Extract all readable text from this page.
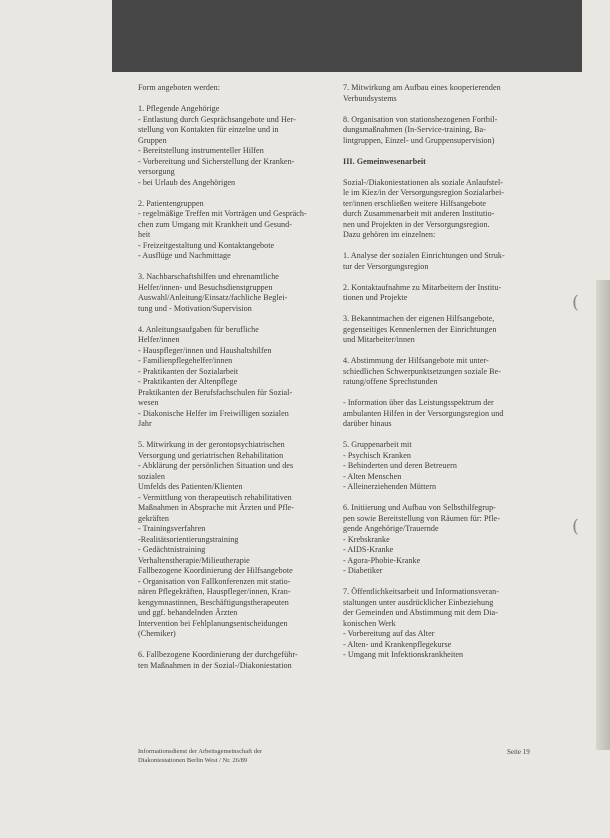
(
(

Form angeboten werden:

1. Pflegende Angehörige

- Entlastung durch Gesprächsangebote und Her-

stellung von Kontakten für einzelne und in

Gruppen

- Bereitstellung instrumenteller Hilfen

- Vorbereitung und Sicherstellung der Kranken-

versorgung

- bei Urlaub des Angehörigen

2. Patientengruppen

- regelmäßige Treffen mit Vorträgen und Gespräch-

chen zum Umgang mit Krankheit und Gesund-

heit

- Freizeitgestaltung und Kontaktangebote

- Ausflüge und Nachmittage

3. Nachbarschaftshilfen und ehrenamtliche

Helfer/innen- und Besuchsdienstgruppen

Auswahl/Anleitung/Einsatz/fachliche Beglei-

tung und - Motivation/Supervision

4. Anleitungsaufgaben für berufliche

Helfer/innen

- Hauspfleger/innen und Haushaltshilfen

- Familienpflegehelfer/innen

- Praktikanten der Sozialarbeit

- Praktikanten der Altenpflege

Praktikanten der Berufsfachschulen für Sozial-

wesen

- Diakonische Helfer im Freiwilligen sozialen

Jahr

5. Mitwirkung in der gerontopsychiatrischen

Versorgung und geriatrischen Rehabilitation

- Abklärung der persönlichen Situation und des

sozialen

Umfelds des Patienten/Klienten

- Vermittlung von therapeutisch rehabilitativen

Maßnahmen in Absprache mit Ärzten und Pfle-

gekräften

- Trainingsverfahren

-Realitätsorientierungstraining

- Gedächtnistraining

Verhaltenstherapie/Milieutherapie

Fallbezogene Koordinierung der Hilfsangebote

- Organisation von Fallkonferenzen mit statio-

nären Pflegekräften, Hauspfleger/innen, Kran-

kengymnastinnen, Beschäftigungstherapeuten

und ggf. behandelnden Ärzten

Intervention bei Fehlplanungsentscheidungen

(Chemiker)

6. Fallbezogene Koordinierung der durchgeführ-

ten Maßnahmen in der Sozial-/Diakoniestation

7. Mitwirkung am Aufbau eines kooperierenden

Verbundsystems

8. Organisation von stationsbezogenen Fortbil-

dungsmaßnahmen (In-Service-training, Ba-

lintgruppen, Einzel- und Gruppensupervision)

III. Gemeinwesenarbeit

Sozial-/Diakoniestationen als soziale Anlaufstel-

le im Kiez/in der Versorgungsregion Sozialarbei-

ter/innen erschließen weitere Hilfsangebote

durch Zusammenarbeit mit anderen Institutio-

nen und Projekten in der Versorgungsregion.

Dazu gehören im einzelnen:

1. Analyse der sozialen Einrichtungen und Struk-

tur der Versorgungsregion

2. Kontaktaufnahme zu Mitarbeitern der Institu-

tionen und Projekte

3. Bekanntmachen der eigenen Hilfsangebote,

gegenseitiges Kennenlernen der Einrichtungen

und Mitarbeiter/innen

4. Abstimmung der Hilfsangebote mit unter-

schiedlichen Schwerpunktsetzungen soziale Be-

ratung/offene Sprechstunden

- Information über das Leistungsspektrum der

ambulanten Hilfen in der Versorgungsregion und

darüber hinaus

5. Gruppenarbeit mit

- Psychisch Kranken

- Behinderten und deren Betreuern

- Alten Menschen

- Alleinerziehenden Müttern

6. Initiierung und Aufbau von Selbsthilfegrup-

pen sowie Bereitstellung von Räumen für: Pfle-

gende Angehörige/Trauernde

- Krebskranke

- AIDS-Kranke

- Agora-Phobie-Kranke

- Diabetiker

7. Öffentlichkeitsarbeit und Informationsveran-

staltungen unter ausdrücklicher Einbeziehung

der Gemeinden und Abstimmung mit dem Dia-

konischen Werk

- Vorbereitung auf das Alter

- Alten- und Krankenpflegekurse

- Umgang mit Infektionskrankheiten

Informationsdienst der Arbeitsgemeinschaft der
Diakoniestationen Berlin West / Nr. 26/89
Seite 19
